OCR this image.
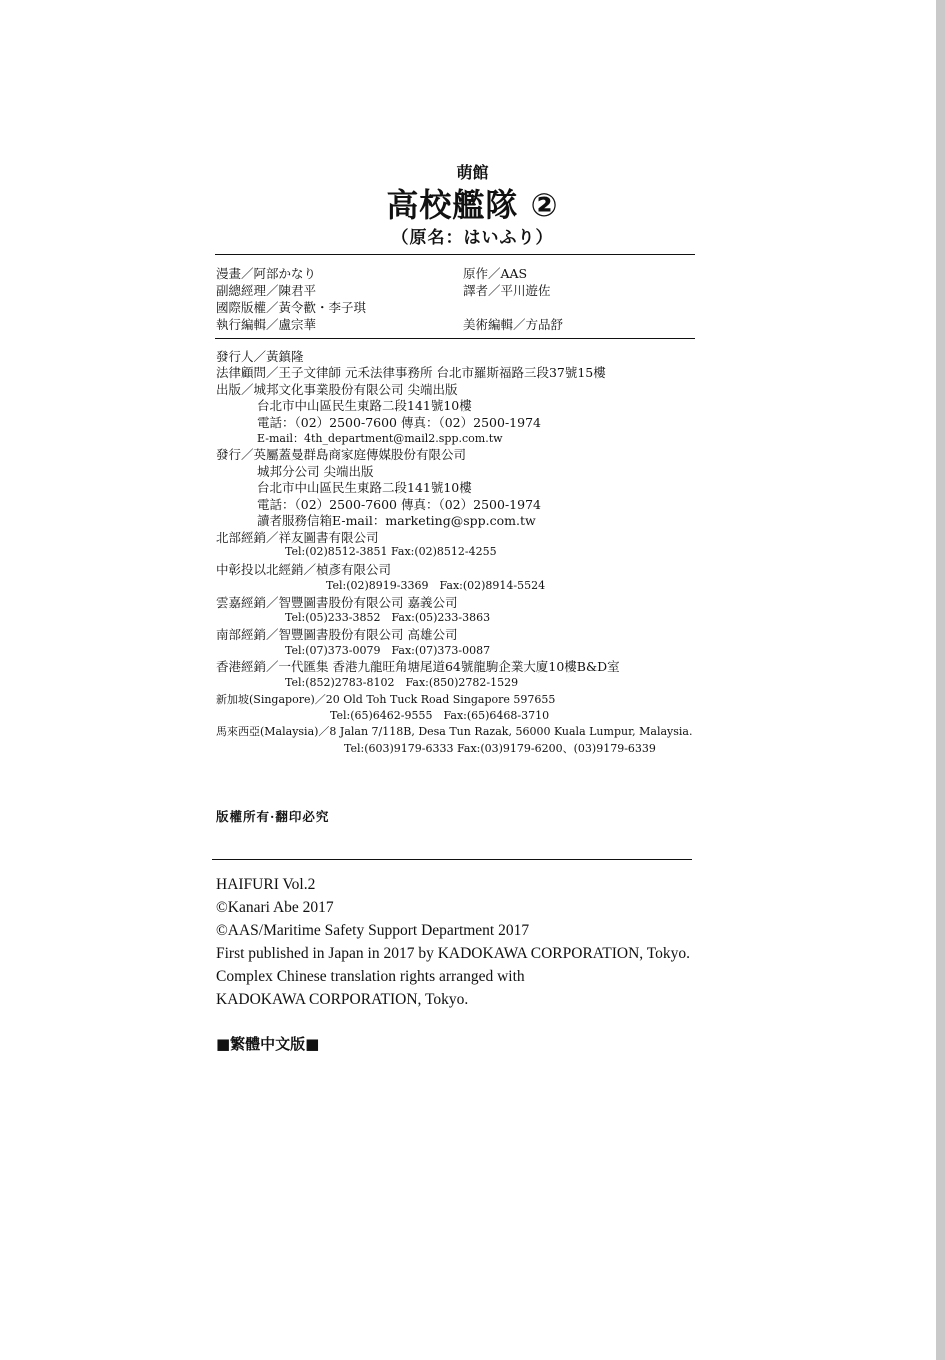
萌館
高校艦隊 ②
（原名：はいふり）
漫畫／阿部かなり	原作／AAS
副總經理／陳君平	譯者／平川遊佐
國際版權／黃令歡・李子琪
執行編輯／盧宗華	美術編輯／方品舒
發行人／黃鎮隆
法律顧問／王子文律師 元禾法律事務所 台北市羅斯福路三段37號15樓
出版／城邦文化事業股份有限公司 尖端出版
台北市中山區民生東路二段141號10樓
電話：（02）2500-7600 傳真：（02）2500-1974
E-mail：4th_department@mail2.spp.com.tw
發行／英屬蓋曼群島商家庭傳媒股份有限公司
城邦分公司 尖端出版
台北市中山區民生東路二段141號10樓
電話：（02）2500-7600 傳真：（02）2500-1974
讀者服務信箱E-mail：marketing@spp.com.tw
北部經銷／祥友圖書有限公司
Tel:(02)8512-3851 Fax:(02)8512-4255
中彰投以北經銷／楨彥有限公司
Tel:(02)8919-3369　Fax:(02)8914-5524
雲嘉經銷／智豐圖書股份有限公司 嘉義公司
Tel:(05)233-3852　Fax:(05)233-3863
南部經銷／智豐圖書股份有限公司 高雄公司
Tel:(07)373-0079　Fax:(07)373-0087
香港經銷／一代匯集 香港九龍旺角塘尾道64號龍駒企業大廈10樓B&D室
Tel:(852)2783-8102　Fax:(850)2782-1529
新加坡(Singapore)／20 Old Toh Tuck Road Singapore 597655
Tel:(65)6462-9555　Fax:(65)6468-3710
馬來西亞(Malaysia)／8 Jalan 7/118B, Desa Tun Razak, 56000 Kuala Lumpur, Malaysia.
Tel:(603)9179-6333 Fax:(03)9179-6200、(03)9179-6339
版權所有·翻印必究
HAIFURI Vol.2
©Kanari Abe 2017
©AAS/Maritime Safety Support Department 2017
First published in Japan in 2017 by KADOKAWA CORPORATION, Tokyo.
Complex Chinese translation rights arranged with
KADOKAWA CORPORATION, Tokyo.
■繁體中文版■
